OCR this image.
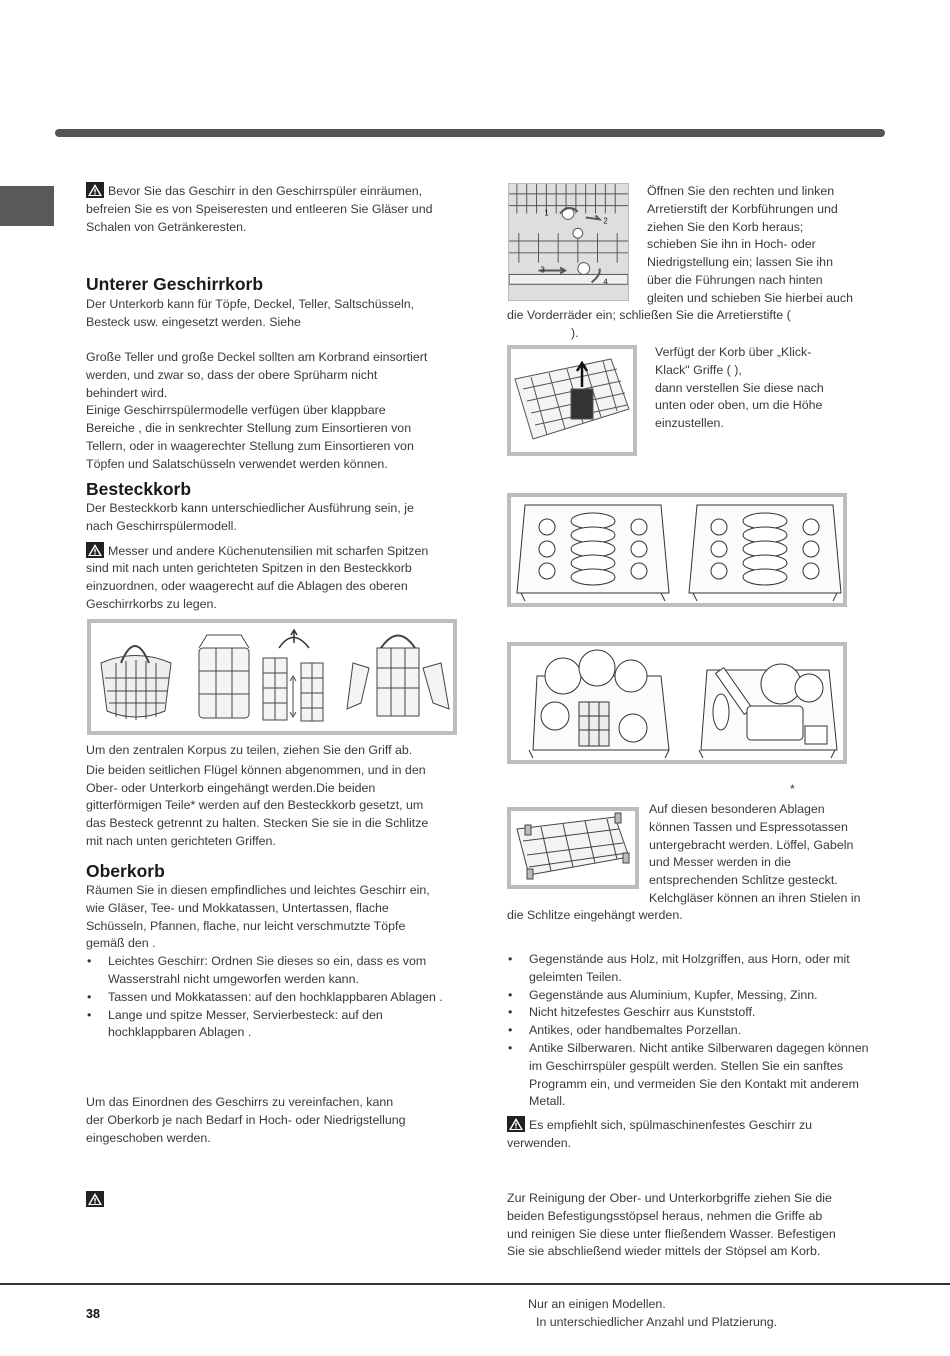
Bevor Sie das Geschirr in den Geschirrspüler einräumen, befreien Sie es von Speiseresten und entleeren Sie Gläser und Schalen von Getränkeresten.
Unterer Geschirrkorb

Der Unterkorb kann für Töpfe, Deckel, Teller, Saltschüsseln, Besteck usw. eingesetzt werden. Siehe

Große Teller und große Deckel sollten am Korbrand einsortiert

werden, und zwar so, dass der obere Sprüharm nicht

behindert wird.

Einige Geschirrspülermodelle verfügen über klappbare

Bereiche , die in senkrechter Stellung zum Einsortieren von

Tellern, oder in waagerechter Stellung zum Einsortieren von

Töpfen und Salatschüsseln verwendet werden können.

Besteckkorb

Der Besteckkorb kann unterschiedlicher Ausführung sein, je

nach Geschirrspülermodell.

Messer und andere Küchenutensilien mit scharfen Spitzen

sind mit nach unten gerichteten Spitzen in den Besteckkorb

einzuordnen, oder waagerecht auf die Ablagen des oberen

Geschirrkorbs zu legen.

Um den zentralen Korpus zu teilen, ziehen Sie den Griff ab.

Die beiden seitlichen Flügel können abgenommen, und in den

Ober- oder Unterkorb eingehängt werden.Die beiden

gitterförmigen Teile* werden auf den Besteckkorb gesetzt, um

das Besteck getrennt zu halten. Stecken Sie sie in die Schlitze

mit nach unten gerichteten Griffen.

Oberkorb

Räumen Sie in diesen empfindliches und leichtes Geschirr ein,

wie Gläser, Tee- und Mokkatassen, Untertassen, flache

Schüsseln, Pfannen, flache, nur leicht verschmutzte Töpfe

gemäß den .

• Leichtes Geschirr: Ordnen Sie dieses so ein, dass es vom Wasserstrahl nicht umgeworfen werden kann.
• Tassen und Mokkatassen: auf den hochklappbaren Ablagen .
• Lange und spitze Messer, Servierbesteck: auf den hochklappbaren Ablagen .

Um das Einordnen des Geschirrs zu vereinfachen, kann

der Oberkorb je nach Bedarf in Hoch- oder Niedrigstellung

eingeschoben werden.

1
2
3
4

Öffnen Sie den rechten und linken

Arretierstift der Korbführungen und

ziehen Sie den Korb heraus;

schieben Sie ihn in Hoch- oder

Niedrigstellung ein; lassen Sie ihn

über die Führungen nach hinten

gleiten und schieben Sie hierbei auch

die Vorderräder ein; schließen Sie die Arretierstifte (

).

Verfügt der Korb über „Klick-

Klack" Griffe ( ),

dann verstellen Sie diese nach

unten oder oben, um die Höhe

einzustellen.

*

Auf diesen besonderen Ablagen

können Tassen und Espressotassen

untergebracht werden. Löffel, Gabeln

und Messer werden in die

entsprechenden Schlitze gesteckt.

Kelchgläser können an ihren Stielen in

die Schlitze eingehängt werden.

• Gegenstände aus Holz, mit Holzgriffen, aus Horn, oder mit geleimten Teilen.
• Gegenstände aus Aluminium, Kupfer, Messing, Zinn.
• Nicht hitzefestes Geschirr aus Kunststoff.
• Antikes, oder handbemaltes Porzellan.
• Antike Silberwaren. Nicht antike Silberwaren dagegen können im Geschirrspüler gespült werden. Stellen Sie ein sanftes Programm ein, und vermeiden Sie den Kontakt mit anderem Metall.

Es empfiehlt sich, spülmaschinenfestes Geschirr zu

verwenden.

Zur Reinigung der Ober- und Unterkorbgriffe ziehen Sie die

beiden Befestigungsstöpsel heraus, nehmen die Griffe ab

und reinigen Sie diese unter fließendem Wasser. Befestigen

Sie sie abschließend wieder mittels der Stöpsel am Korb.

38
Nur an einigen Modellen.
In unterschiedlicher Anzahl und Platzierung.
